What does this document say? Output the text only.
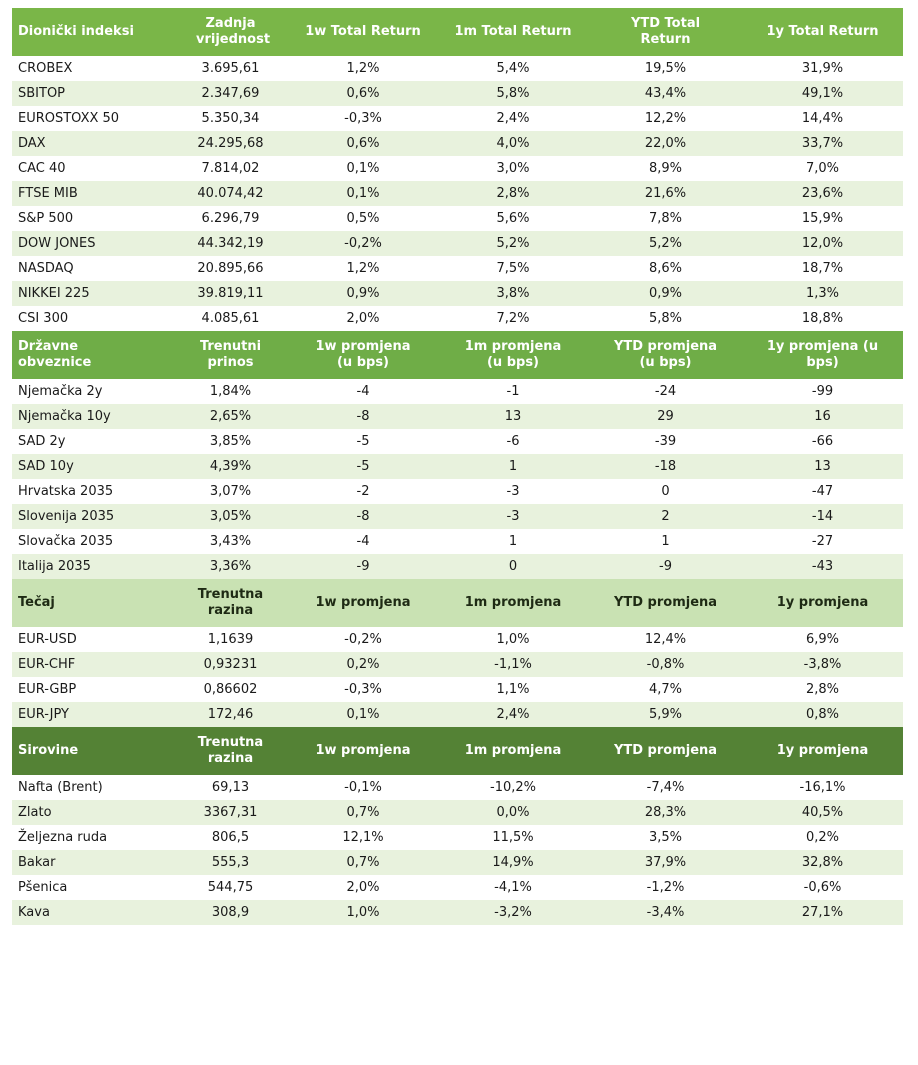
Dionički indeksi	Zadnja vrijednost	1w Total Return	1m Total Return	YTD Total Return	1y Total Return
CROBEX	3.695,61	1,2%	5,4%	19,5%	31,9%
SBITOP	2.347,69	0,6%	5,8%	43,4%	49,1%
EUROSTOXX 50	5.350,34	-0,3%	2,4%	12,2%	14,4%
DAX	24.295,68	0,6%	4,0%	22,0%	33,7%
CAC 40	7.814,02	0,1%	3,0%	8,9%	7,0%
FTSE MIB	40.074,42	0,1%	2,8%	21,6%	23,6%
S&P 500	6.296,79	0,5%	5,6%	7,8%	15,9%
DOW JONES	44.342,19	-0,2%	5,2%	5,2%	12,0%
NASDAQ	20.895,66	1,2%	7,5%	8,6%	18,7%
NIKKEI 225	39.819,11	0,9%	3,8%	0,9%	1,3%
CSI 300	4.085,61	2,0%	7,2%	5,8%	18,8%
Državne obveznice	Trenutni prinos	1w promjena (u bps)	1m promjena (u bps)	YTD promjena (u bps)	1y promjena (u bps)
Njemačka 2y	1,84%	-4	-1	-24	-99
Njemačka 10y	2,65%	-8	13	29	16
SAD 2y	3,85%	-5	-6	-39	-66
SAD 10y	4,39%	-5	1	-18	13
Hrvatska 2035	3,07%	-2	-3	0	-47
Slovenija 2035	3,05%	-8	-3	2	-14
Slovačka 2035	3,43%	-4	1	1	-27
Italija 2035	3,36%	-9	0	-9	-43
Tečaj	Trenutna razina	1w promjena	1m promjena	YTD promjena	1y promjena
EUR-USD	1,1639	-0,2%	1,0%	12,4%	6,9%
EUR-CHF	0,93231	0,2%	-1,1%	-0,8%	-3,8%
EUR-GBP	0,86602	-0,3%	1,1%	4,7%	2,8%
EUR-JPY	172,46	0,1%	2,4%	5,9%	0,8%
Sirovine	Trenutna razina	1w promjena	1m promjena	YTD promjena	1y promjena
Nafta (Brent)	69,13	-0,1%	-10,2%	-7,4%	-16,1%
Zlato	3367,31	0,7%	0,0%	28,3%	40,5%
Željezna ruda	806,5	12,1%	11,5%	3,5%	0,2%
Bakar	555,3	0,7%	14,9%	37,9%	32,8%
Pšenica	544,75	2,0%	-4,1%	-1,2%	-0,6%
Kava	308,9	1,0%	-3,2%	-3,4%	27,1%
